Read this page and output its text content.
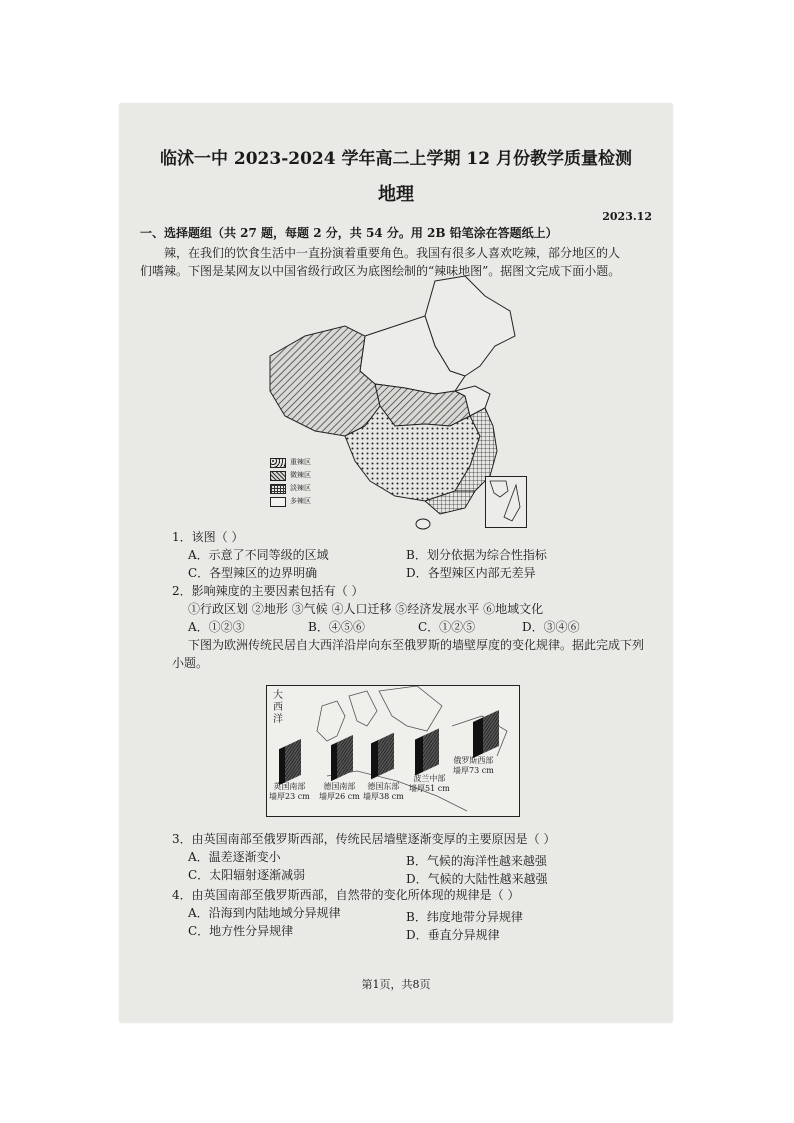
临沭一中 2023-2024 学年高二上学期 12 月份教学质量检测
地理
2023.12
一、选择题组（共 27 题，每题 2 分，共 54 分。用 2B 铅笔涂在答题纸上）
辣，在我们的饮食生活中一直扮演着重要角色。我国有很多人喜欢吃辣，部分地区的人
们嗜辣。下图是某网友以中国省级行政区为底图绘制的“辣味地图”。据图文完成下面小题。
重辣区
微辣区
淡辣区
多辣区
1．该图（ ）
A．示意了不同等级的区域	B．划分依据为综合性指标
C．各型辣区的边界明确	D．各型辣区内部无差异
2．影响辣度的主要因素包括有（ ）
①行政区划 ②地形 ③气候 ④人口迁移 ⑤经济发展水平 ⑥地域文化
A．①②③	B．④⑤⑥	C．①②⑤	D．③④⑥
下图为欧洲传统民居自大西洋沿岸向东至俄罗斯的墙壁厚度的变化规律。据此完成下列
小题。
大
西
洋
英国南部
墙厚23 cm
德国南部
墙厚26 cm
德国东部
墙厚38 cm
波兰中部
墙厚51 cm
俄罗斯西部
墙厚73 cm
3．由英国南部至俄罗斯西部，传统民居墙壁逐渐变厚的主要原因是（ ）
A．温差逐渐变小	B．气候的海洋性越来越强
C．太阳辐射逐渐减弱	D．气候的大陆性越来越强
4．由英国南部至俄罗斯西部，自然带的变化所体现的规律是（ ）
A．沿海到内陆地域分异规律	B．纬度地带分异规律
C．地方性分异规律	D．垂直分异规律
第1页，共8页
